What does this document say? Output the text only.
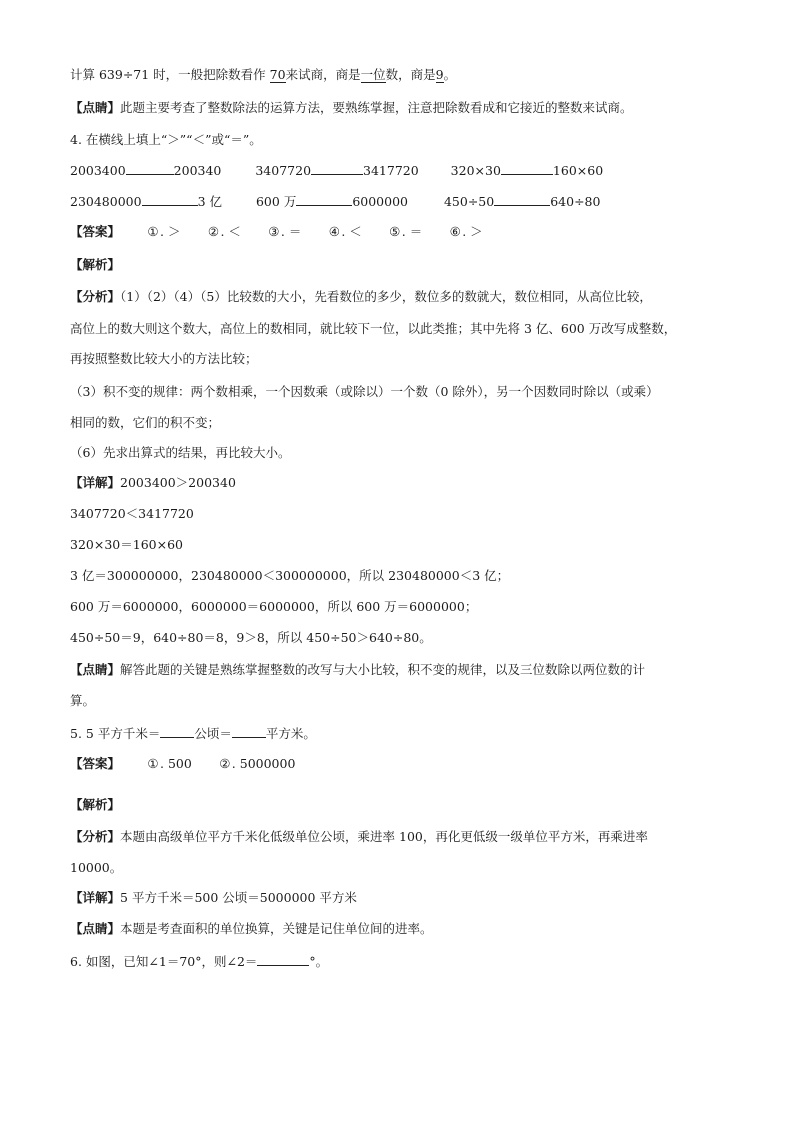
计算 639÷71 时，一般把除数看作 70来试商，商是一位数，商是9。
【点睛】此题主要考查了整数除法的运算方法，要熟练掌握，注意把除数看成和它接近的整数来试商。
4. 在横线上填上“＞”“＜”或“＝”。
2003400	200340	3407720	3417720	320×30	160×60
230480000	3 亿	600 万	6000000	450÷50	640÷80
【答案】 ①. ＞ ②. ＜ ③. ＝ ④. ＜ ⑤. ＝ ⑥. ＞
【解析】
【分析】（1）（2）（4）（5）比较数的大小，先看数位的多少，数位多的数就大，数位相同，从高位比较，
高位上的数大则这个数大，高位上的数相同，就比较下一位，以此类推；其中先将 3 亿、600 万改写成整数，
再按照整数比较大小的方法比较；
（3）积不变的规律：两个数相乘，一个因数乘（或除以）一个数（0 除外），另一个因数同时除以（或乘）
相同的数，它们的积不变；
（6）先求出算式的结果，再比较大小。
【详解】2003400＞200340
3407720＜3417720
320×30＝160×60
3 亿＝300000000，230480000＜300000000，所以 230480000＜3 亿；
600 万＝6000000，6000000＝6000000，所以 600 万＝6000000；
450÷50＝9，640÷80＝8，9＞8，所以 450÷50＞640÷80。
【点睛】解答此题的关键是熟练掌握整数的改写与大小比较，积不变的规律，以及三位数除以两位数的计
算。
5. 5 平方千米＝	公顷＝	平方米。
【答案】 ①. 500 ②. 5000000
【解析】
【分析】本题由高级单位平方千米化低级单位公顷，乘进率 100，再化更低级一级单位平方米，再乘进率
10000。
【详解】5 平方千米＝500 公顷＝5000000 平方米
【点睛】本题是考查面积的单位换算，关键是记住单位间的进率。
6. 如图，已知∠1＝70°，则∠2＝	°。
